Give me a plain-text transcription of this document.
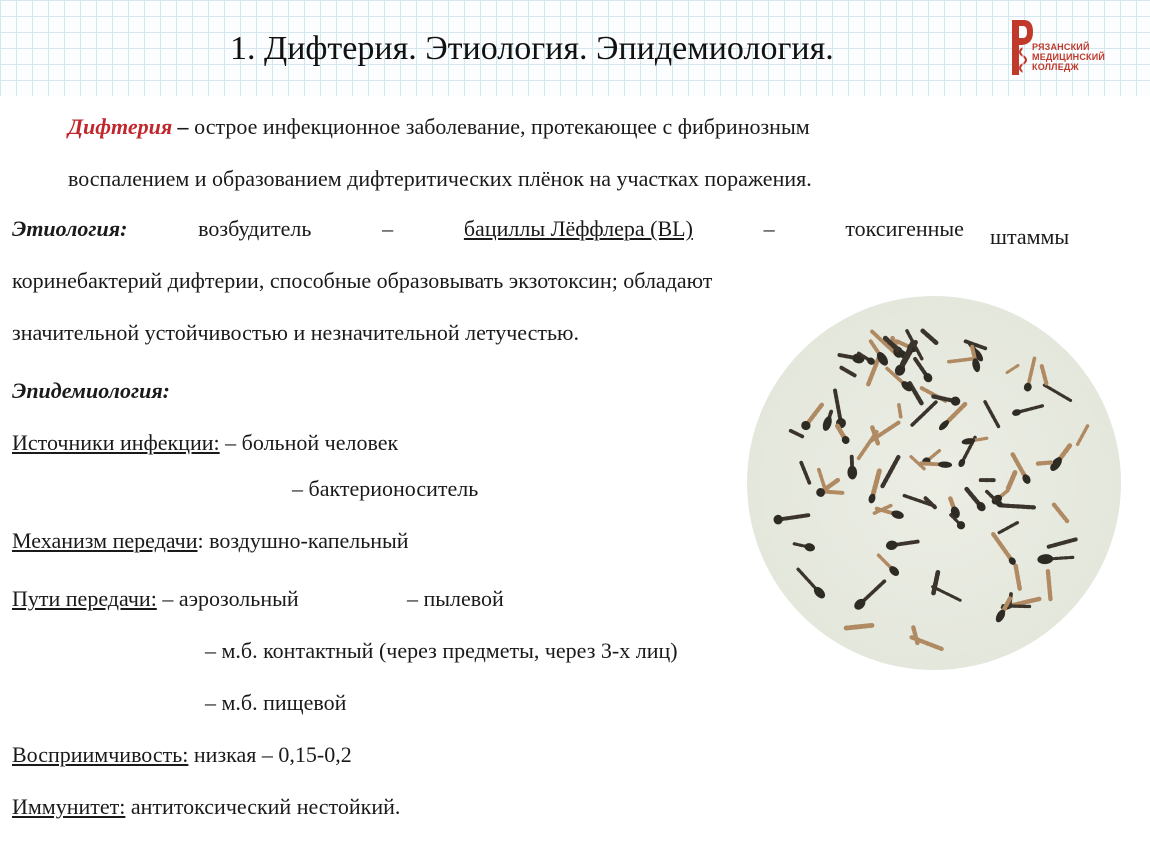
1. Дифтерия. Этиология. Эпидемиология.	РЯЗАНСКИЙ
МЕДИЦИНСКИЙ
КОЛЛЕДЖ
Дифтерия – острое инфекционное заболевание, протекающее с фибринозным
воспалением и образованием дифтеритических плёнок на участках поражения.
Этиология:	возбудитель	–	бациллы Лёффлера (BL)	–	токсигенные штаммы
коринебактерий дифтерии, способные образовывать экзотоксин; обладают
значительной устойчивостью и незначительной летучестью.
Эпидемиология:
Источники инфекции: – больной человек
– бактерионоситель
Механизм передачи: воздушно-капельный
Пути передачи: – аэрозольный	– пылевой
– м.б. контактный (через предметы, через 3-х лиц)
– м.б. пищевой
Восприимчивость: низкая – 0,15-0,2
Иммунитет: антитоксический нестойкий.
